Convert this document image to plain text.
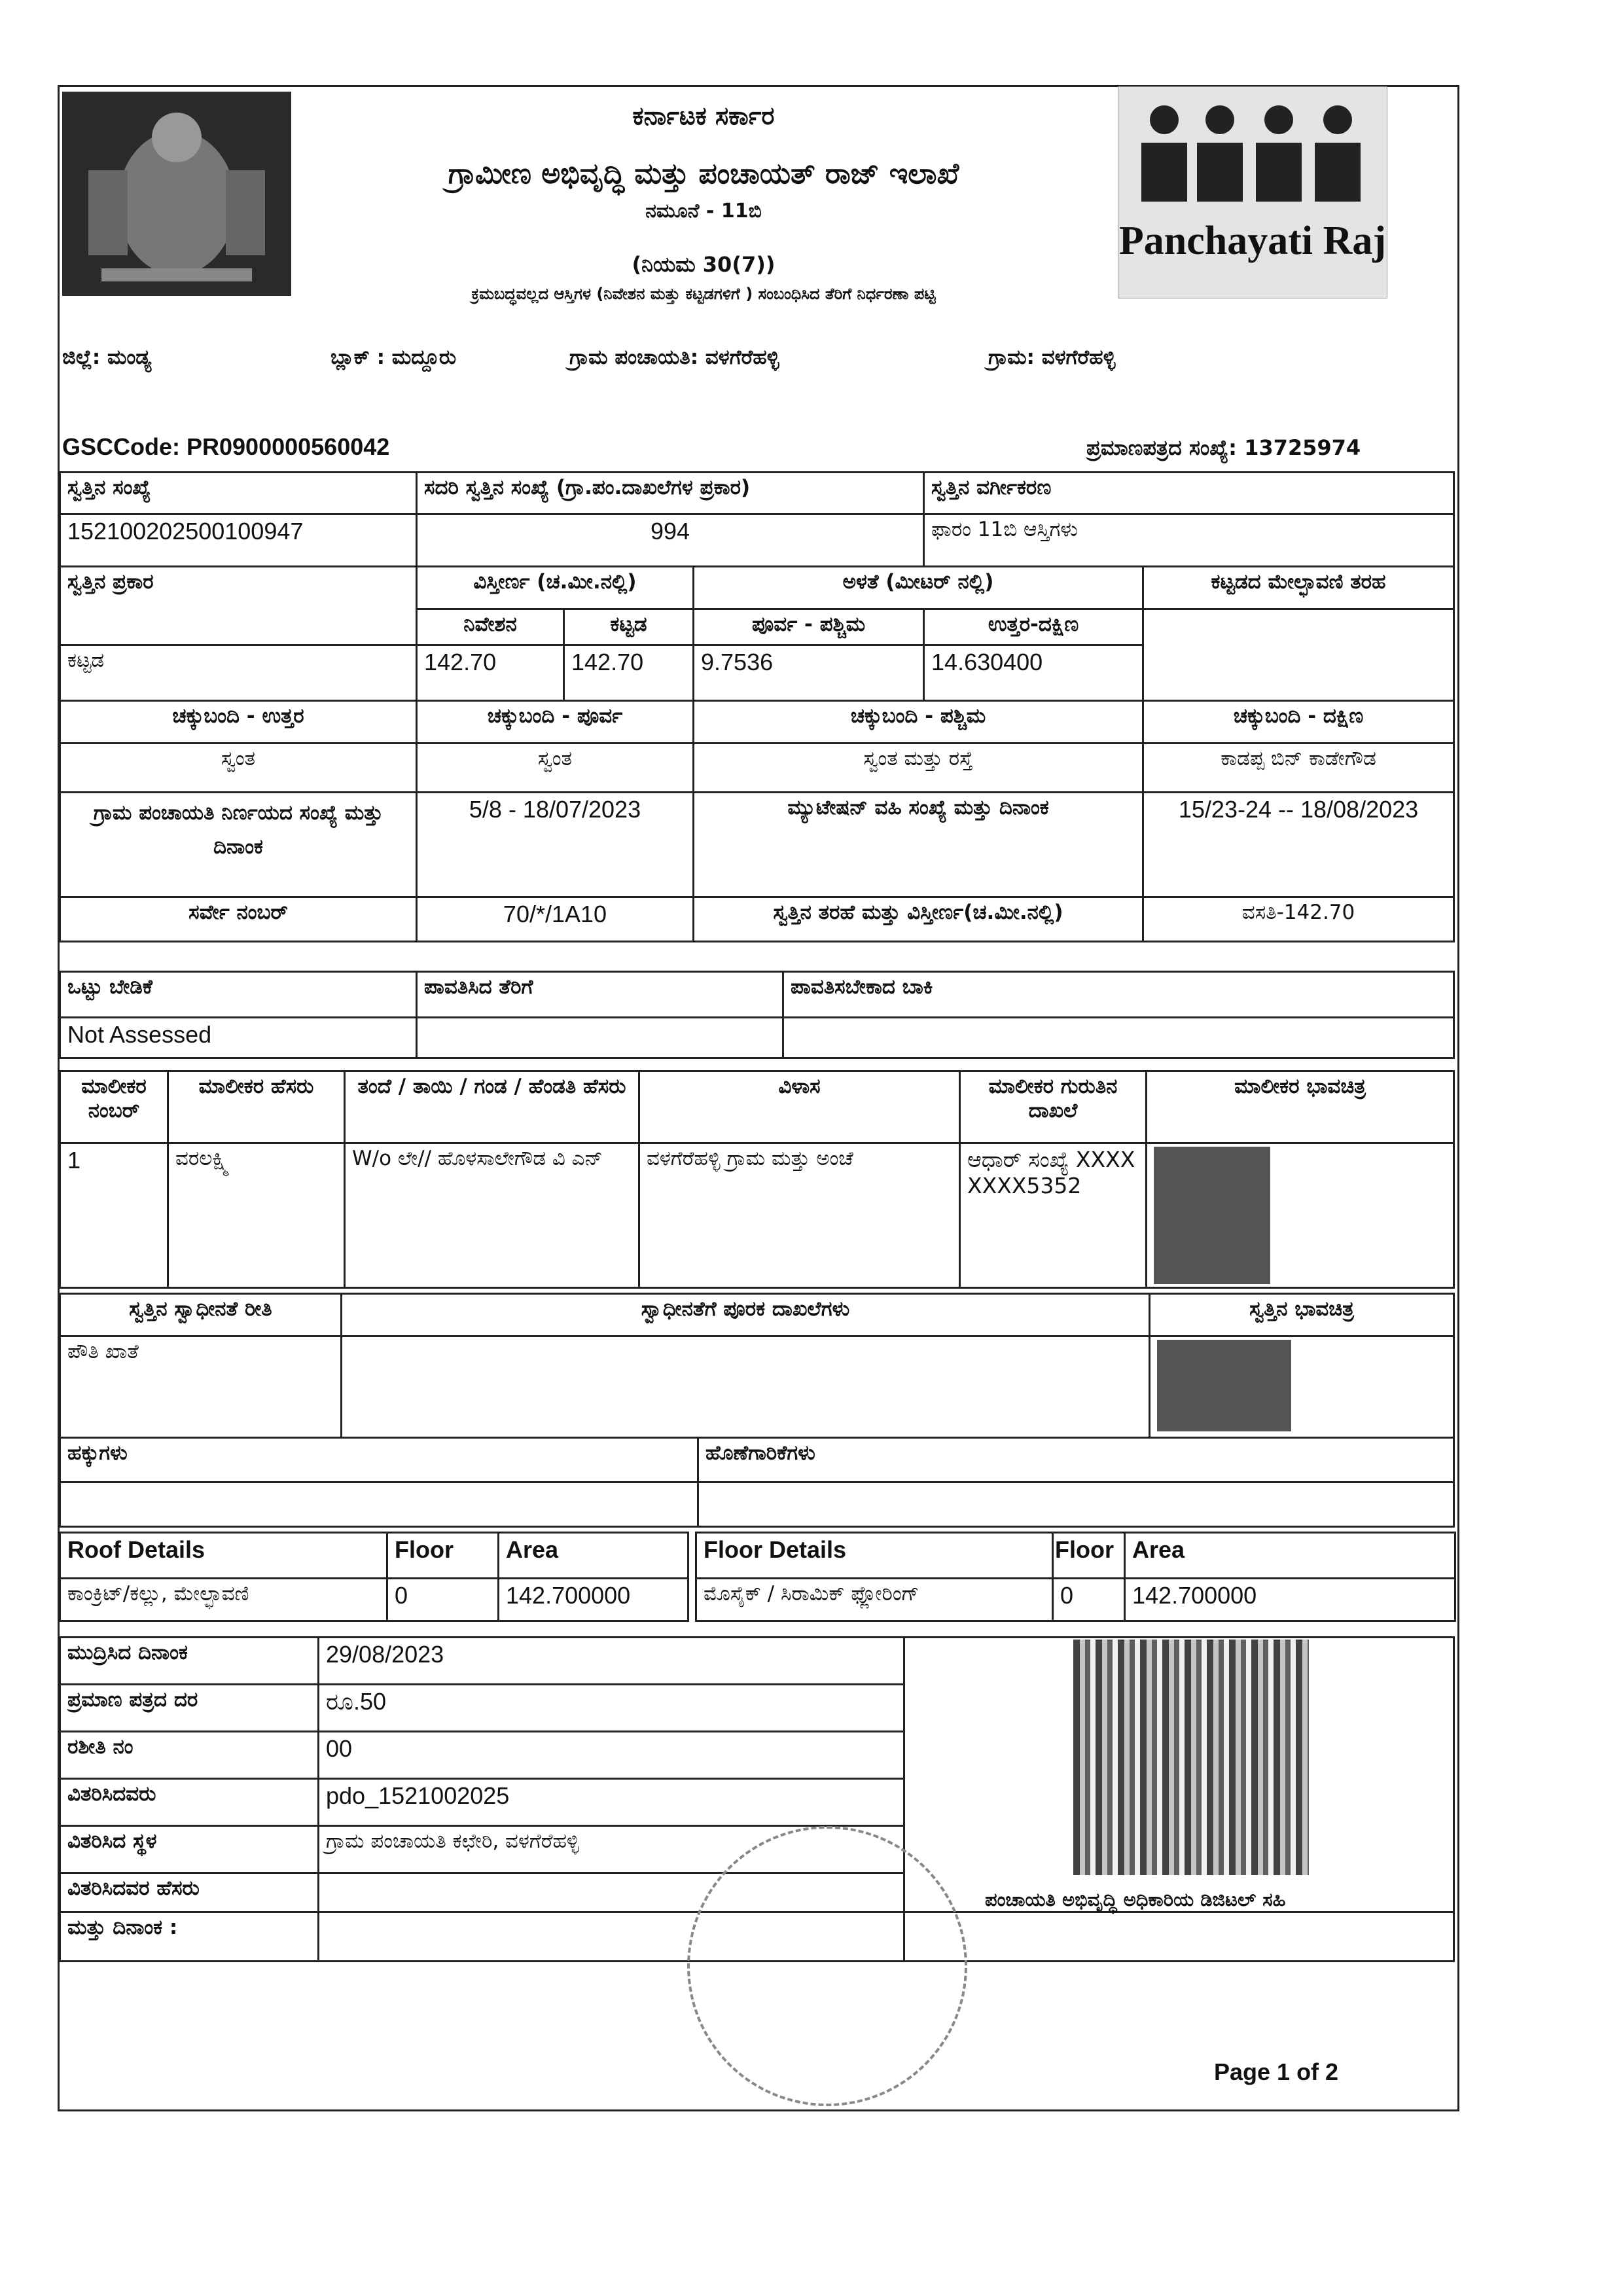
Panchayati Raj
ಕರ್ನಾಟಕ ಸರ್ಕಾರ
ಗ್ರಾಮೀಣ ಅಭಿವೃದ್ಧಿ ಮತ್ತು ಪಂಚಾಯತ್ ರಾಜ್ ಇಲಾಖೆ
ನಮೂನೆ - 11ಬಿ
(ನಿಯಮ 30(7))
ಕ್ರಮಬದ್ಧವಲ್ಲದ ಆಸ್ತಿಗಳ (ನಿವೇಶನ ಮತ್ತು ಕಟ್ಟಡಗಳಿಗೆ ) ಸಂಬಂಧಿಸಿದ ತೆರಿಗೆ ನಿರ್ಧರಣಾ ಪಟ್ಟಿ
ಜಿಲ್ಲೆ: ಮಂಡ್ಯ	ಬ್ಲಾಕ್ : ಮದ್ದೂರು	ಗ್ರಾಮ ಪಂಚಾಯತಿ: ವಳಗೆರೆಹಳ್ಳಿ	ಗ್ರಾಮ: ವಳಗೆರೆಹಳ್ಳಿ
GSCCode: PR0900000560042	ಪ್ರಮಾಣಪತ್ರದ ಸಂಖ್ಯೆ: 13725974
ಸ್ವತ್ತಿನ ಸಂಖ್ಯೆ	ಸದರಿ ಸ್ವತ್ತಿನ ಸಂಖ್ಯೆ (ಗ್ರಾ.ಪಂ.ದಾಖಲೆಗಳ ಪ್ರಕಾರ)			ಸ್ವತ್ತಿನ ವರ್ಗೀಕರಣ	
152100202500100947	994			ಫಾರಂ 11ಬಿ ಆಸ್ತಿಗಳು	
ಸ್ವತ್ತಿನ ಪ್ರಕಾರ	ವಿಸ್ತೀರ್ಣ (ಚ.ಮೀ.ನಲ್ಲಿ)		ಅಳತೆ (ಮೀಟರ್ ನಲ್ಲಿ)		ಕಟ್ಟಡದ ಮೇಲ್ಛಾವಣಿ ತರಹ
	ನಿವೇಶನ	ಕಟ್ಟಡ	ಪೂರ್ವ - ಪಶ್ಚಿಮ	ಉತ್ತರ-ದಕ್ಷಿಣ	
ಕಟ್ಟಡ	142.70	142.70	9.7536	14.630400	
ಚಕ್ಕುಬಂದಿ - ಉತ್ತರ	ಚಕ್ಕುಬಂದಿ - ಪೂರ್ವ		ಚಕ್ಕುಬಂದಿ - ಪಶ್ಚಿಮ		ಚಕ್ಕುಬಂದಿ - ದಕ್ಷಿಣ
ಸ್ವಂತ	ಸ್ವಂತ		ಸ್ವಂತ ಮತ್ತು ರಸ್ತೆ		ಕಾಡಪ್ಪ ಬಿನ್ ಕಾಡೇಗೌಡ
ಗ್ರಾಮ ಪಂಚಾಯತಿ ನಿರ್ಣಯದ ಸಂಖ್ಯೆ ಮತ್ತು ದಿನಾಂಕ	5/8 - 18/07/2023		ಮ್ಯುಟೇಷನ್ ವಹಿ ಸಂಖ್ಯೆ ಮತ್ತು ದಿನಾಂಕ		15/23-24 -- 18/08/2023
ಸರ್ವೇ ನಂಬರ್	70/*/1A10		ಸ್ವತ್ತಿನ ತರಹೆ ಮತ್ತು ವಿಸ್ತೀರ್ಣ(ಚ.ಮೀ.ನಲ್ಲಿ)		ವಸತಿ-142.70
ಒಟ್ಟು ಬೇಡಿಕೆ	ಪಾವತಿಸಿದ ತೆರಿಗೆ	ಪಾವತಿಸಬೇಕಾದ ಬಾಕಿ
Not Assessed		
ಮಾಲೀಕರ ನಂಬರ್	ಮಾಲೀಕರ ಹೆಸರು	ತಂದೆ / ತಾಯಿ / ಗಂಡ / ಹೆಂಡತಿ ಹೆಸರು	ವಿಳಾಸ	ಮಾಲೀಕರ ಗುರುತಿನ ದಾಖಲೆ	ಮಾಲೀಕರ ಭಾವಚಿತ್ರ
1	ವರಲಕ್ಷ್ಮಿ	W/o ಲೇ// ಹೊಳಸಾಲೇಗೌಡ ವಿ ಎನ್	ವಳಗೆರೆಹಳ್ಳಿ ಗ್ರಾಮ ಮತ್ತು ಅಂಚೆ	ಆಧಾರ್ ಸಂಖ್ಯೆ XXXXXXXX5352	
ಸ್ವತ್ತಿನ ಸ್ವಾಧೀನತೆ ರೀತಿ	ಸ್ವಾಧೀನತೆಗೆ ಪೂರಕ ದಾಖಲೆಗಳು	ಸ್ವತ್ತಿನ ಭಾವಚಿತ್ರ
ಪೌತಿ ಖಾತೆ		
ಹಕ್ಕುಗಳು	ಹೊಣೆಗಾರಿಕೆಗಳು

Roof Details	Floor	Area
ಕಾಂಕ್ರಿಟ್/ಕಲ್ಲು, ಮೇಲ್ಛಾವಣಿ	0	142.700000
Floor Details	Floor	Area
ಮೊಸೈಕ್ / ಸಿರಾಮಿಕ್ ಫ್ಲೋರಿಂಗ್	0	142.700000
ಮುದ್ರಿಸಿದ ದಿನಾಂಕ	29/08/2023	
ಪ್ರಮಾಣ ಪತ್ರದ ದರ	ರೂ.50	
ರಶೀತಿ ನಂ	00	
ವಿತರಿಸಿದವರು	pdo_1521002025	
ವಿತರಿಸಿದ ಸ್ಥಳ	ಗ್ರಾಮ ಪಂಚಾಯತಿ ಕಛೇರಿ, ವಳಗೆರೆಹಳ್ಳಿ	
ವಿತರಿಸಿದವರ ಹೆಸರು		
ಮತ್ತು ದಿನಾಂಕ :		
ಪಂಚಾಯತಿ ಅಭಿವೃದ್ಧಿ ಅಧಿಕಾರಿಯ ಡಿಜಿಟಲ್ ಸಹಿ
Page 1 of 2
